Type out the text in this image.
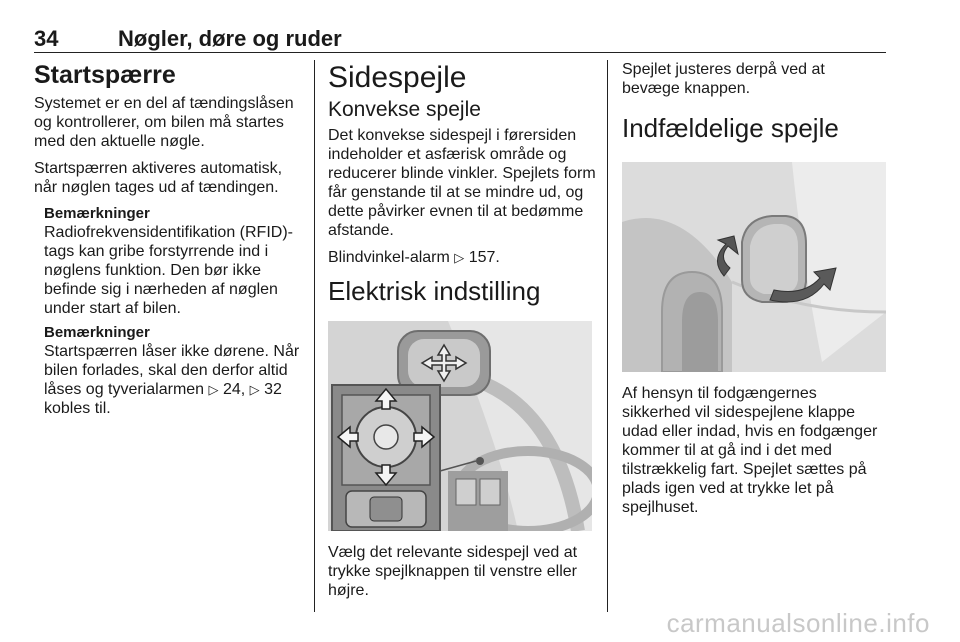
34	Nøgler, døre og ruder
Startspærre

Systemet er en del af tændingslåsen og kontrollerer, om bilen må startes med den aktuelle nøgle.

Startspærren aktiveres automatisk, når nøglen tages ud af tændingen.

Bemærkninger
Radiofrekvensidentifikation (RFID)-tags kan gribe forstyrrende ind i nøglens funktion. Den bør ikke befinde sig i nærheden af nøglen under start af bilen.
Bemærkninger
Startspærren låser ikke dørene. Når bilen forlades, skal den derfor altid låses og tyverialarmen ▷ 24, ▷ 32 kobles til.
Sidespejle
Konvekse spejle

Det konvekse sidespejl i førersiden indeholder et asfærisk område og reducerer blinde vinkler. Spejlets form får genstande til at se mindre ud, og dette påvirker evnen til at bedømme afstande.

Blindvinkel-alarm ▷ 157.

Elektrisk indstilling

Vælg det relevante sidespejl ved at trykke spejlknappen til venstre eller højre.

Spejlet justeres derpå ved at bevæge knappen.

Indfældelige spejle

Af hensyn til fodgængernes sikkerhed vil sidespejlene klappe udad eller indad, hvis en fodgænger kommer til at gå ind i det med tilstrækkelig fart. Spejlet sættes på plads igen ved at trykke let på spejlhuset.

carmanualsonline.info
